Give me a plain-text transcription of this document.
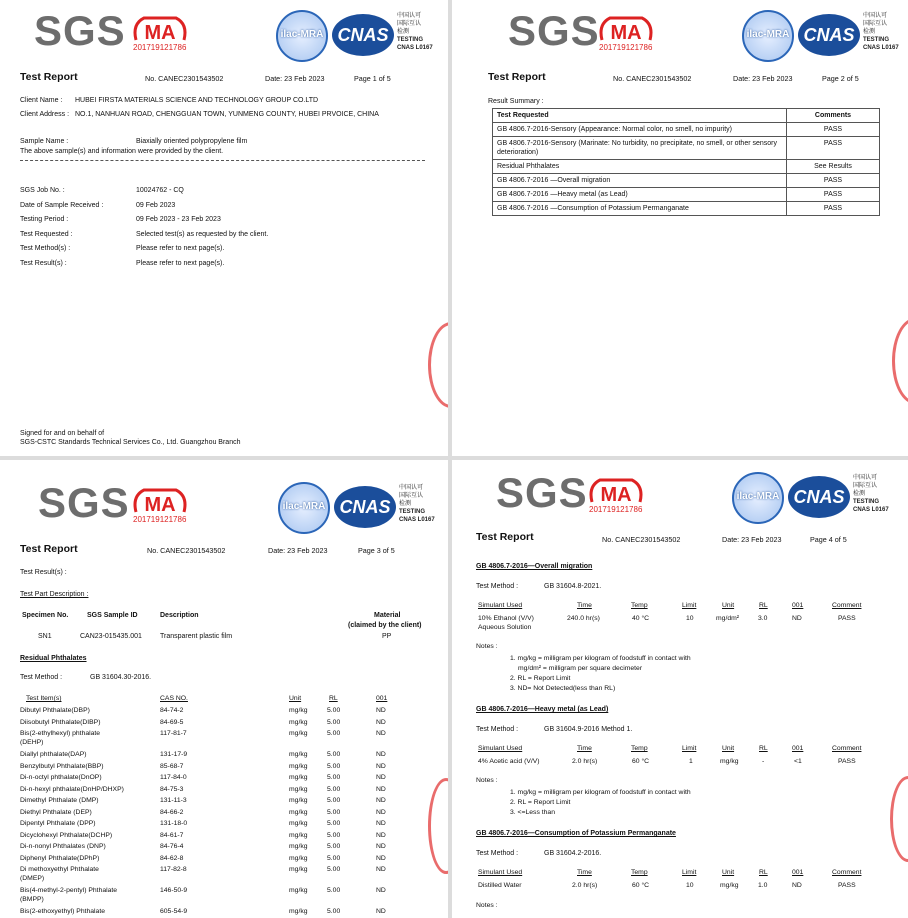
SGS MA
201719121786
ilac-MRA CNAS
中国认可
国际互认
检测
TESTING
CNAS L0167
Test Report	No. CANEC2301543502	Date: 23 Feb 2023	Page 1 of 5
Client Name : HUBEI FIRSTA MATERIALS SCIENCE AND TECHNOLOGY GROUP CO.LTD
Client Address : NO.1, NANHUAN ROAD, CHENGGUAN TOWN, YUNMENG COUNTY, HUBEI PRVOICE, CHINA
Sample Name :	Biaxially oriented polypropylene film
The above sample(s) and information were provided by the client.
SGS Job No. :	10024762 - CQ
Date of Sample Received :	09 Feb 2023
Testing Period :	09 Feb 2023 - 23 Feb 2023
Test Requested :	Selected test(s) as requested by the client.
Test Method(s) :	Please refer to next page(s).
Test Result(s) :	Please refer to next page(s).
Signed for and on behalf of
SGS-CSTC Standards Technical Services Co., Ltd. Guangzhou Branch
SGS MA
201719121786
ilac-MRA CNAS
中国认可
国际互认
检测
TESTING
CNAS L0167
Test Report	No. CANEC2301543502	Date: 23 Feb 2023	Page 2 of 5
Result Summary :
Test Requested	Comments
GB 4806.7-2016-Sensory (Appearance: Normal color, no smell, no impurity)	PASS
GB 4806.7-2016-Sensory (Marinate: No turbidity, no precipitate, no smell, or other sensory deterioration)	PASS
Residual Phthalates	See Results
GB 4806.7-2016 —Overall migration	PASS
GB 4806.7-2016 —Heavy metal (as Lead)	PASS
GB 4806.7-2016 —Consumption of Potassium Permanganate	PASS
SGS MA
201719121786
ilac-MRA CNAS
中国认可
国际互认
检测
TESTING
CNAS L0167
Test Report	No. CANEC2301543502	Date: 23 Feb 2023	Page 3 of 5
Test Result(s) :
Test Part Description :
Specimen No.	SGS Sample ID	Description	Material
(claimed by the client)
SN1	CAN23-015435.001	Transparent plastic film	PP
Residual Phthalates
Test Method :	GB 31604.30-2016.
Test Item(s)	CAS NO.	Unit	RL	001
Dibutyl Phthalate(DBP)	84-74-2	mg/kg	5.00	ND
Diisobutyl Phthalate(DIBP)	84-69-5	mg/kg	5.00	ND
Bis(2-ethylhexyl) phthalate
(DEHP)
117-81-7	mg/kg	5.00	ND
Diallyl phthalate(DAP)	131-17-9	mg/kg	5.00	ND
Benzylbutyl Phthalate(BBP)	85-68-7	mg/kg	5.00	ND
Di-n-octyl phthalate(DnOP)	117-84-0	mg/kg	5.00	ND
Di-n-hexyl phthalate(DnHP/DHXP)	84-75-3	mg/kg	5.00	ND
Dimethyl Phthalate (DMP)	131-11-3	mg/kg	5.00	ND
Diethyl Phthalate (DEP)	84-66-2	mg/kg	5.00	ND
Dipentyl Phthalate (DPP)	131-18-0	mg/kg	5.00	ND
Dicyclohexyl Phthalate(DCHP)	84-61-7	mg/kg	5.00	ND
Di-n-nonyl Phthalates (DNP)	84-76-4	mg/kg	5.00	ND
Diphenyl Phthalate(DPhP)	84-62-8	mg/kg	5.00	ND
Di methoxyethyl Phthalate
(DMEP)
117-82-8	mg/kg	5.00	ND
Bis(4-methyl-2-pentyl) Phthalate
(BMPP)
146-50-9	mg/kg	5.00	ND
Bis(2-ethoxyethyl) Phthalate	605-54-9	mg/kg	5.00	ND
SGS MA
201719121786
ilac-MRA CNAS
中国认可
国际互认
检测
TESTING
CNAS L0167
Test Report	No. CANEC2301543502	Date: 23 Feb 2023	Page 4 of 5
GB 4806.7-2016—Overall migration
Test Method :	GB 31604.8-2021.
Simulant Used	Time	Temp	Limit	Unit	RL	001	Comment
10% Ethanol (V/V)
Aqueous Solution
240.0 hr(s)	40 °C	10	mg/dm²	3.0	ND	PASS
Notes :
1. mg/kg = milligram per kilogram of foodstuff in contact with
mg/dm² = milligram per square decimeter
2. RL = Report Limit
3. ND= Not Detected(less than RL)
GB 4806.7-2016—Heavy metal (as Lead)
Test Method :	GB 31604.9-2016 Method 1.
Simulant Used	Time	Temp	Limit	Unit	RL	001	Comment
4% Acetic acid (V/V)	2.0 hr(s)	60 °C	1	mg/kg	-	<1	PASS
Notes :
1. mg/kg = milligram per kilogram of foodstuff in contact with
2. RL = Report Limit
3. <=Less than
GB 4806.7-2016—Consumption of Potassium Permanganate
Test Method :	GB 31604.2-2016.
Simulant Used	Time	Temp	Limit	Unit	RL	001	Comment
Distilled Water	2.0 hr(s)	60 °C	10	mg/kg	1.0	ND	PASS
Notes :
